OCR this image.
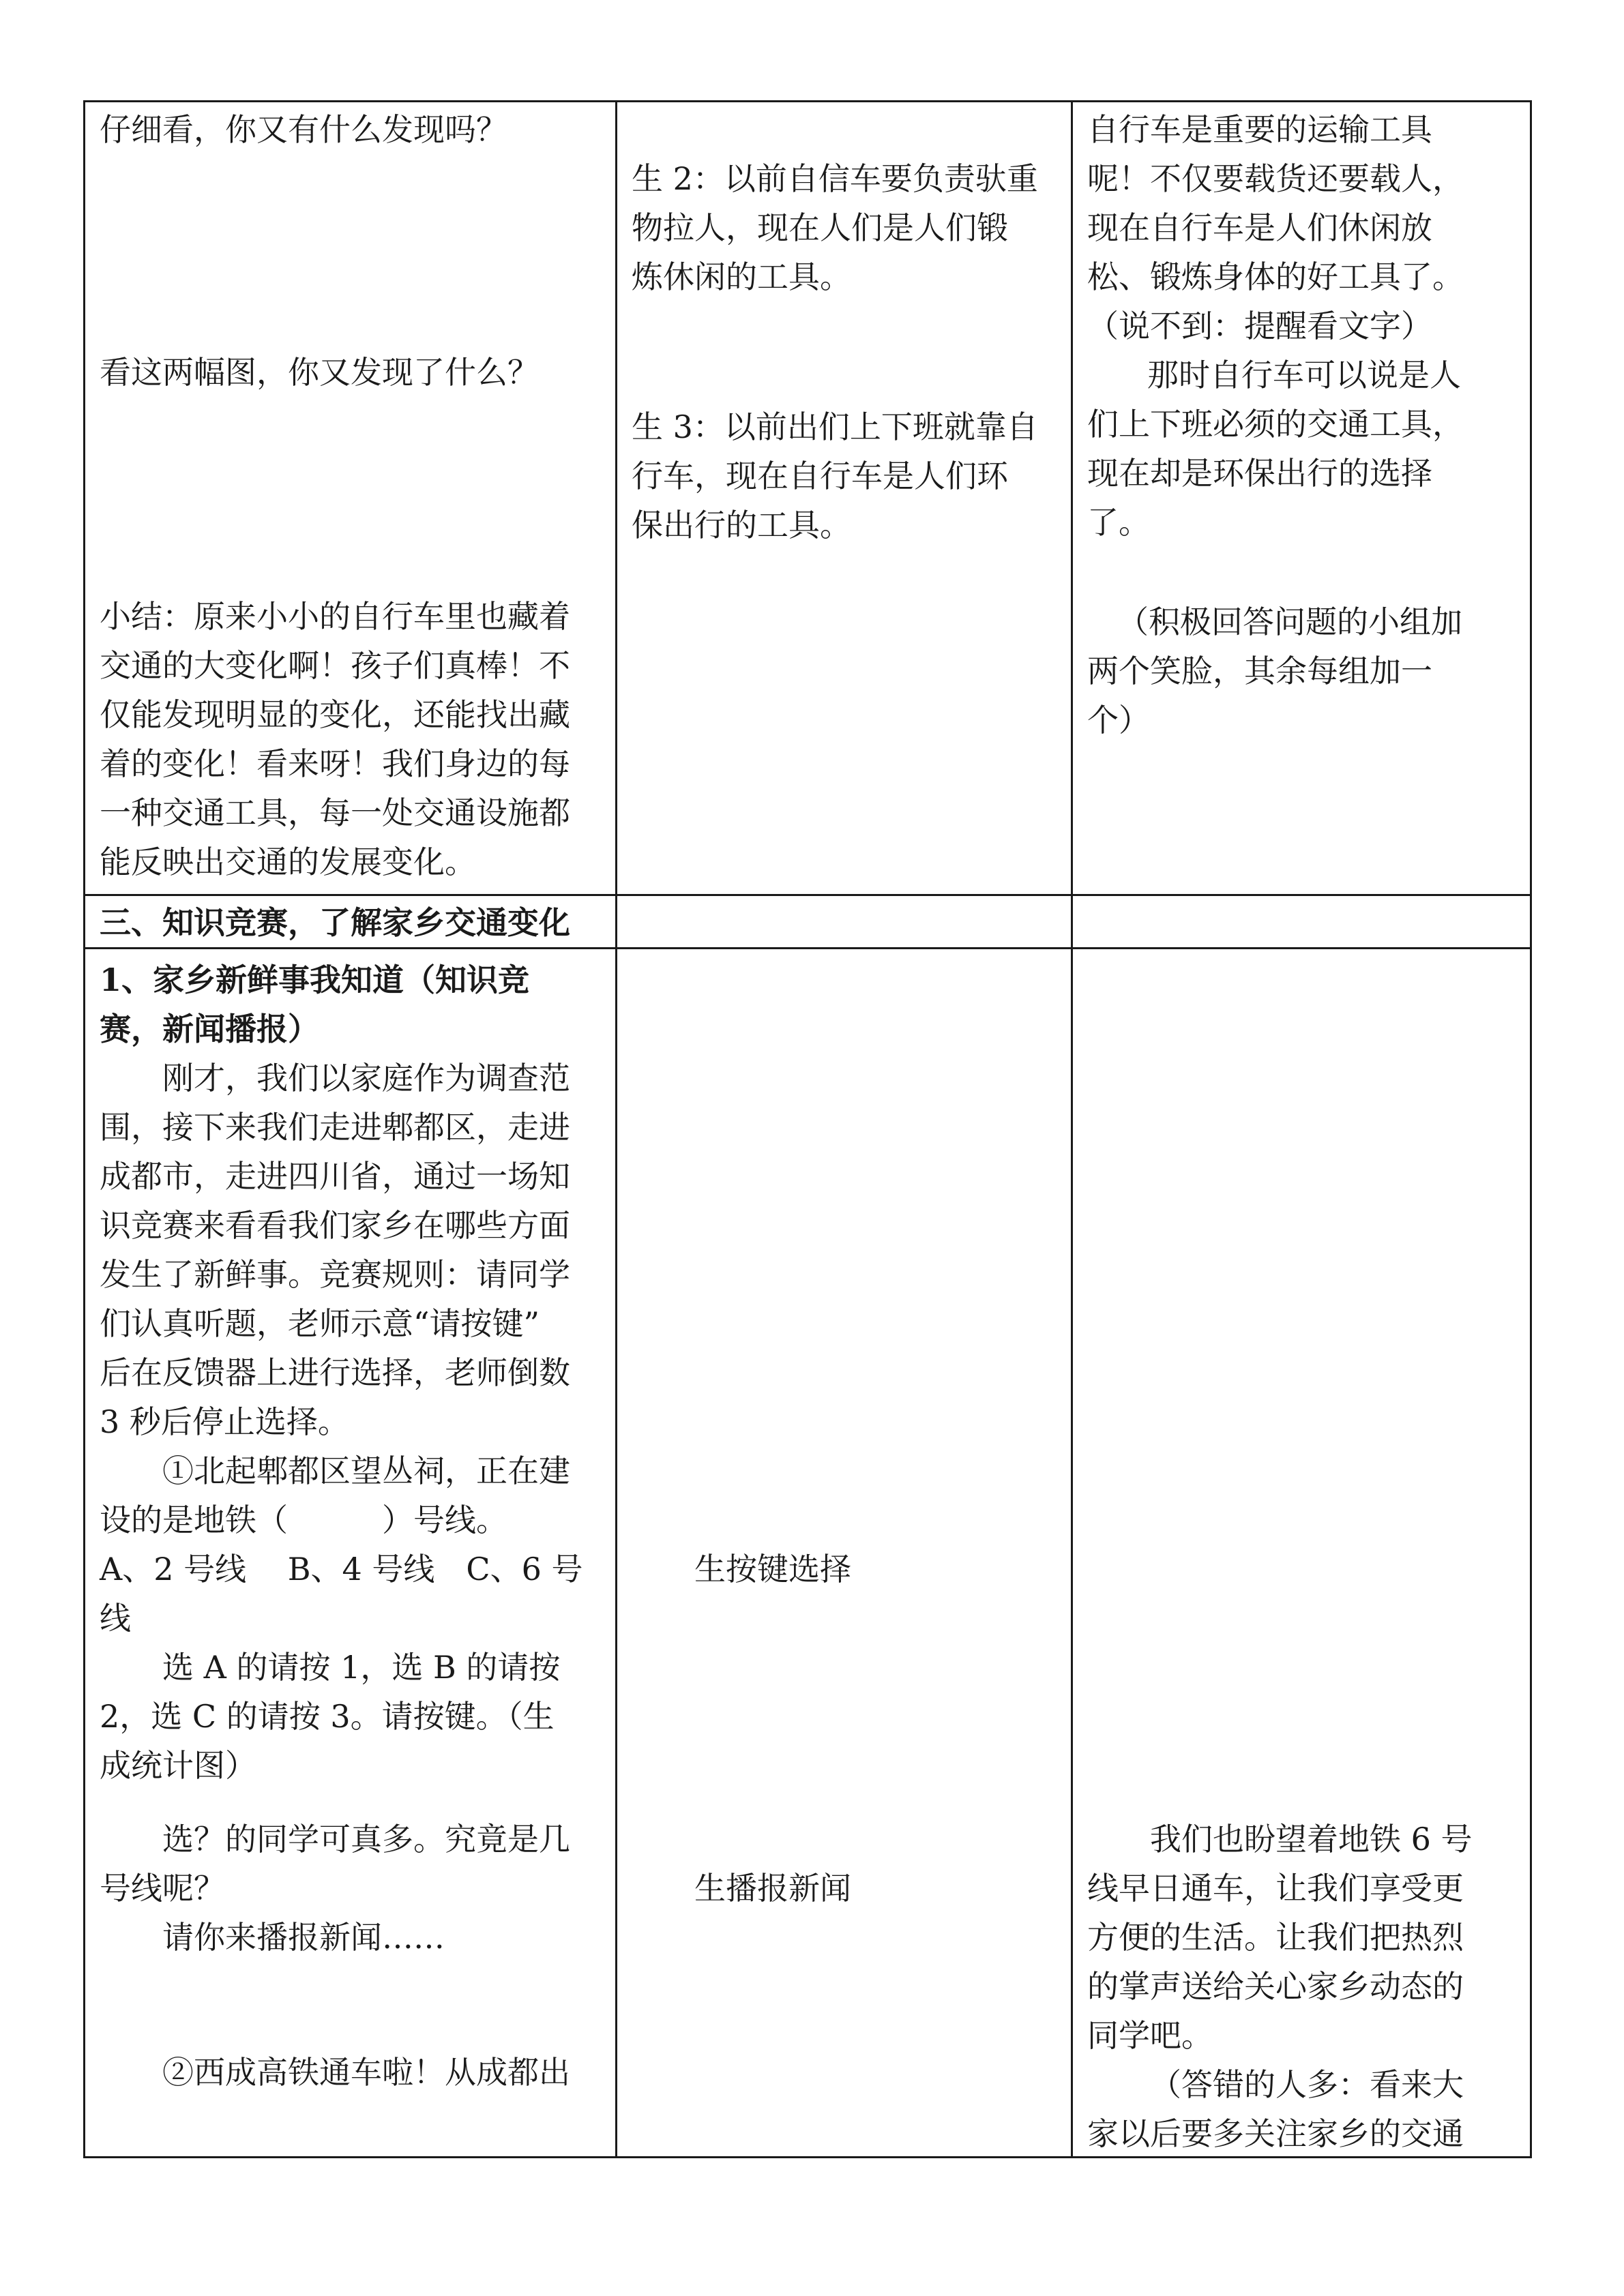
仔细看，你又有什么发现吗？

看这两幅图，你又发现了什么？

小结：原来小小的自行车里也藏着

交通的大变化啊！孩子们真棒！不

仅能发现明显的变化，还能找出藏

着的变化！看来呀！我们身边的每

一种交通工具，每一处交通设施都

能反映出交通的发展变化。

生 2：以前自信车要负责驮重

物拉人，现在人们是人们锻

炼休闲的工具。

生 3：以前出们上下班就靠自

行车，现在自行车是人们环

保出行的工具。

自行车是重要的运输工具

呢！不仅要载货还要载人，

现在自行车是人们休闲放

松、锻炼身体的好工具了。

（说不到：提醒看文字）

那时自行车可以说是人

们上下班必须的交通工具，

现在却是环保出行的选择

了。

（积极回答问题的小组加

两个笑脸，其余每组加一

个）

三、知识竞赛，了解家乡交通变化

1、家乡新鲜事我知道（知识竞

赛，新闻播报）

刚才，我们以家庭作为调查范

围，接下来我们走进郫都区，走进

成都市，走进四川省，通过一场知

识竞赛来看看我们家乡在哪些方面

发生了新鲜事。竞赛规则：请同学

们认真听题，老师示意“请按键”

后在反馈器上进行选择，老师倒数

3 秒后停止选择。

①北起郫都区望丛祠，正在建

设的是地铁（　　　）号线。

A、2 号线　 B、4 号线　C、6 号

线

选 A 的请按 1，选 B 的请按

2，选 C 的请按 3。请按键。（生

成统计图）

选？的同学可真多。究竟是几

号线呢？

请你来播报新闻……

②西成高铁通车啦！从成都出

生按键选择

生播报新闻

我们也盼望着地铁 6 号

线早日通车，让我们享受更

方便的生活。让我们把热烈

的掌声送给关心家乡动态的

同学吧。

（答错的人多：看来大

家以后要多关注家乡的交通
